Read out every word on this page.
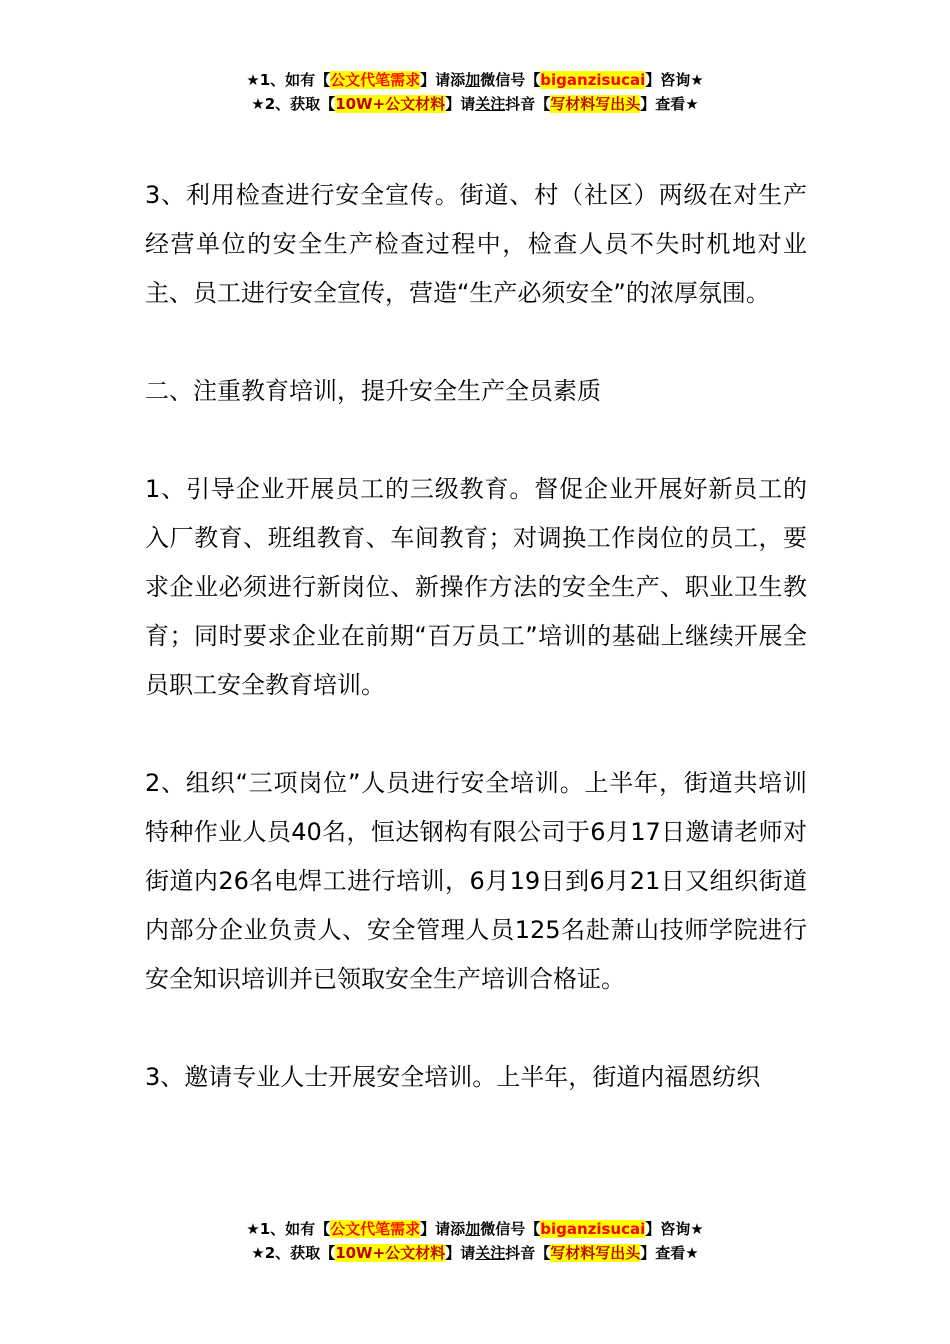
★1、如有【公文代笔需求】请添加微信号【biganzisucai】咨询★
★2、获取【10W+公文材料】请关注抖音【写材料写出头】查看★

3、利用检查进行安全宣传。街道、村（社区）两级在对生产经营单位的安全生产检查过程中，检查人员不失时机地对业主、员工进行安全宣传，营造“生产必须安全”的浓厚氛围。

二、注重教育培训，提升安全生产全员素质

1、引导企业开展员工的三级教育。督促企业开展好新员工的入厂教育、班组教育、车间教育；对调换工作岗位的员工，要求企业必须进行新岗位、新操作方法的安全生产、职业卫生教育；同时要求企业在前期“百万员工”培训的基础上继续开展全员职工安全教育培训。

2、组织“三项岗位”人员进行安全培训。上半年，街道共培训特种作业人员40名，恒达钢构有限公司于6月17日邀请老师对街道内26名电焊工进行培训，6月19日到6月21日又组织街道内部分企业负责人、安全管理人员125名赴萧山技师学院进行安全知识培训并已领取安全生产培训合格证。

3、邀请专业人士开展安全培训。上半年，街道内福恩纺织

★1、如有【公文代笔需求】请添加微信号【biganzisucai】咨询★
★2、获取【10W+公文材料】请关注抖音【写材料写出头】查看★
